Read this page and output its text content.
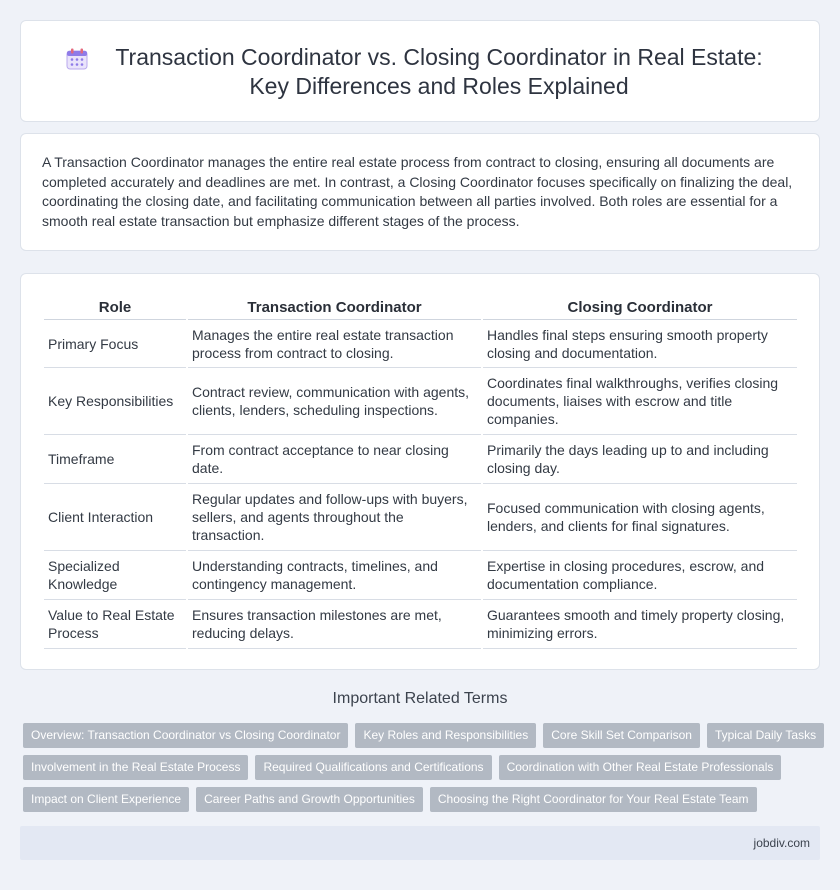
Transaction Coordinator vs. Closing Coordinator in Real Estate: Key Differences and Roles Explained

A Transaction Coordinator manages the entire real estate process from contract to closing, ensuring all documents are completed accurately and deadlines are met. In contrast, a Closing Coordinator focuses specifically on finalizing the deal, coordinating the closing date, and facilitating communication between all parties involved. Both roles are essential for a smooth real estate transaction but emphasize different stages of the process.

Role	Transaction Coordinator	Closing Coordinator
Primary Focus	Manages the entire real estate transaction process from contract to closing.	Handles final steps ensuring smooth property closing and documentation.
Key Responsibilities	Contract review, communication with agents, clients, lenders, scheduling inspections.	Coordinates final walkthroughs, verifies closing documents, liaises with escrow and title companies.
Timeframe	From contract acceptance to near closing date.	Primarily the days leading up to and including closing day.
Client Interaction	Regular updates and follow-ups with buyers, sellers, and agents throughout the transaction.	Focused communication with closing agents, lenders, and clients for final signatures.
Specialized Knowledge	Understanding contracts, timelines, and contingency management.	Expertise in closing procedures, escrow, and documentation compliance.
Value to Real Estate Process	Ensures transaction milestones are met, reducing delays.	Guarantees smooth and timely property closing, minimizing errors.
Important Related Terms
Overview: Transaction Coordinator vs Closing Coordinator	Key Roles and Responsibilities	Core Skill Set Comparison	Typical Daily Tasks
Involvement in the Real Estate Process	Required Qualifications and Certifications	Coordination with Other Real Estate Professionals
Impact on Client Experience	Career Paths and Growth Opportunities	Choosing the Right Coordinator for Your Real Estate Team
jobdiv.com
